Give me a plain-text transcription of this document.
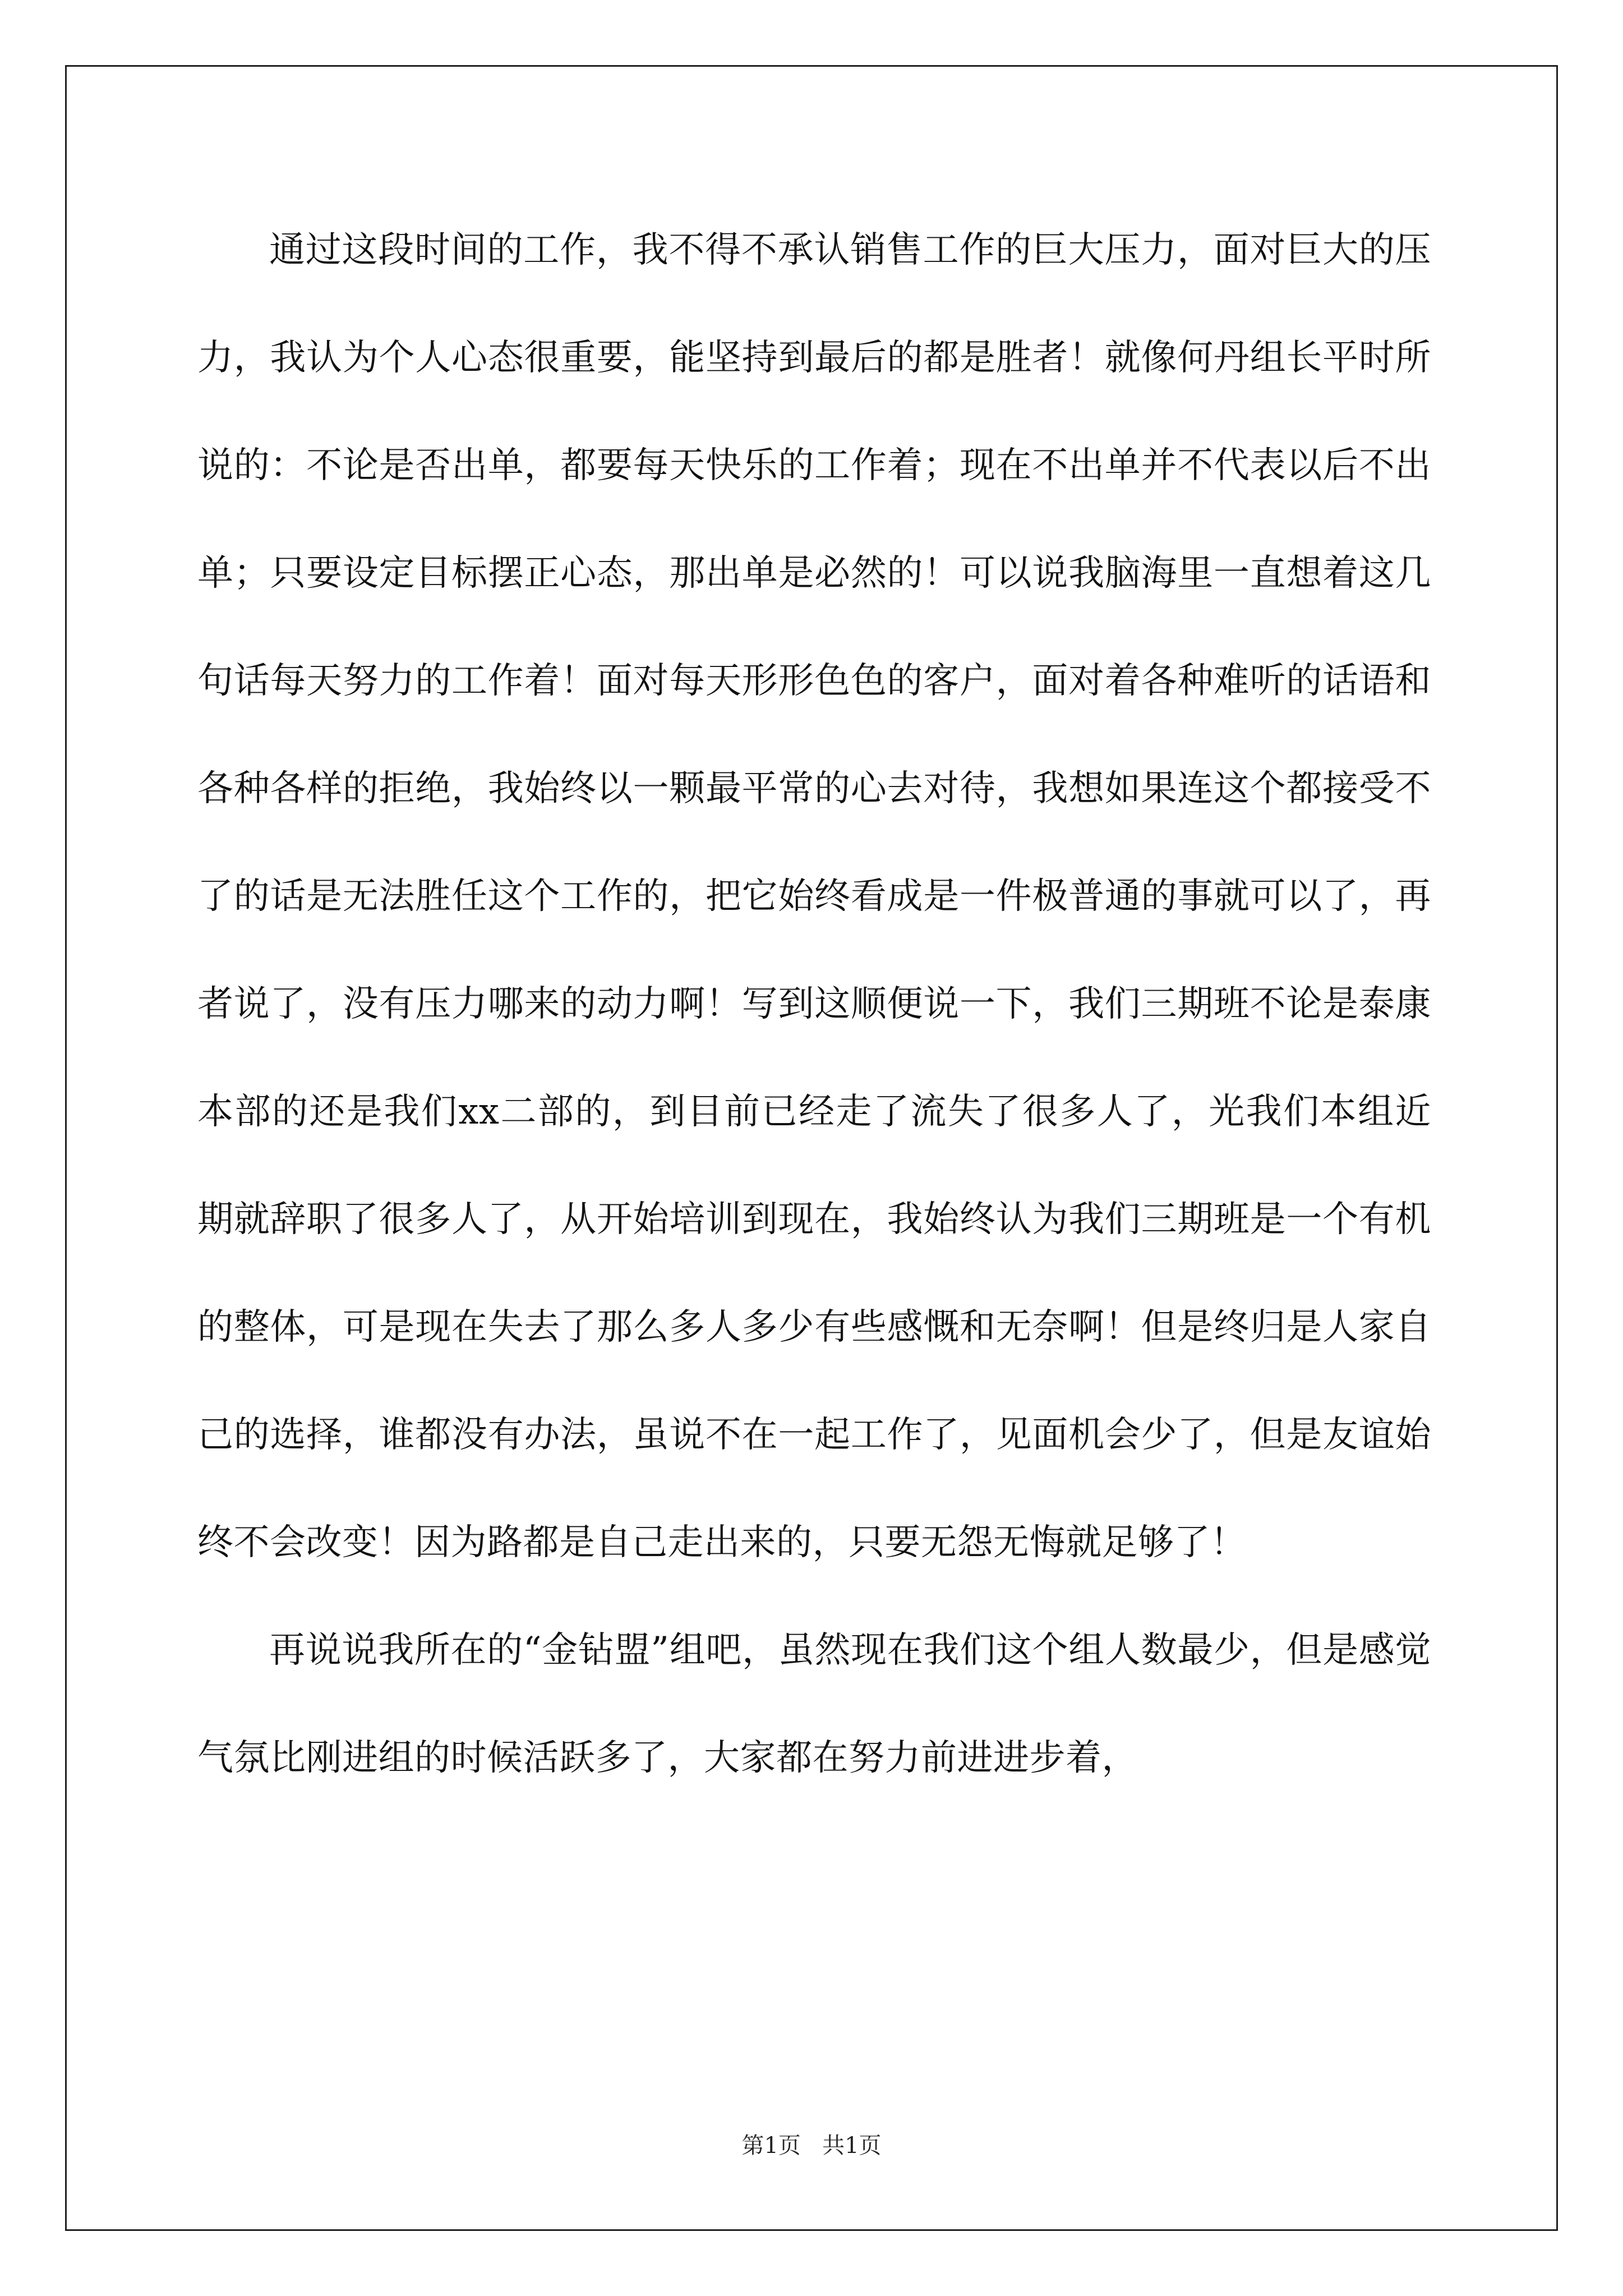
通过这段时间的工作，我不得不承认销售工作的巨大压力，面对巨大的压力，我认为个人心态很重要，能坚持到最后的都是胜者！就像何丹组长平时所说的：不论是否出单，都要每天快乐的工作着；现在不出单并不代表以后不出单；只要设定目标摆正心态，那出单是必然的！可以说我脑海里一直想着这几句话每天努力的工作着！面对每天形形色色的客户，面对着各种难听的话语和各种各样的拒绝，我始终以一颗最平常的心去对待，我想如果连这个都接受不了的话是无法胜任这个工作的，把它始终看成是一件极普通的事就可以了，再者说了，没有压力哪来的动力啊！写到这顺便说一下，我们三期班不论是泰康本部的还是我们xx二部的，到目前已经走了流失了很多人了，光我们本组近期就辞职了很多人了，从开始培训到现在，我始终认为我们三期班是一个有机的整体，可是现在失去了那么多人多少有些感慨和无奈啊！但是终归是人家自己的选择，谁都没有办法，虽说不在一起工作了，见面机会少了，但是友谊始终不会改变！因为路都是自己走出来的，只要无怨无悔就足够了！

再说说我所在的“金钻盟”组吧，虽然现在我们这个组人数最少，但是感觉气氛比刚进组的时候活跃多了，大家都在努力前进进步着，

第1页 共1页
